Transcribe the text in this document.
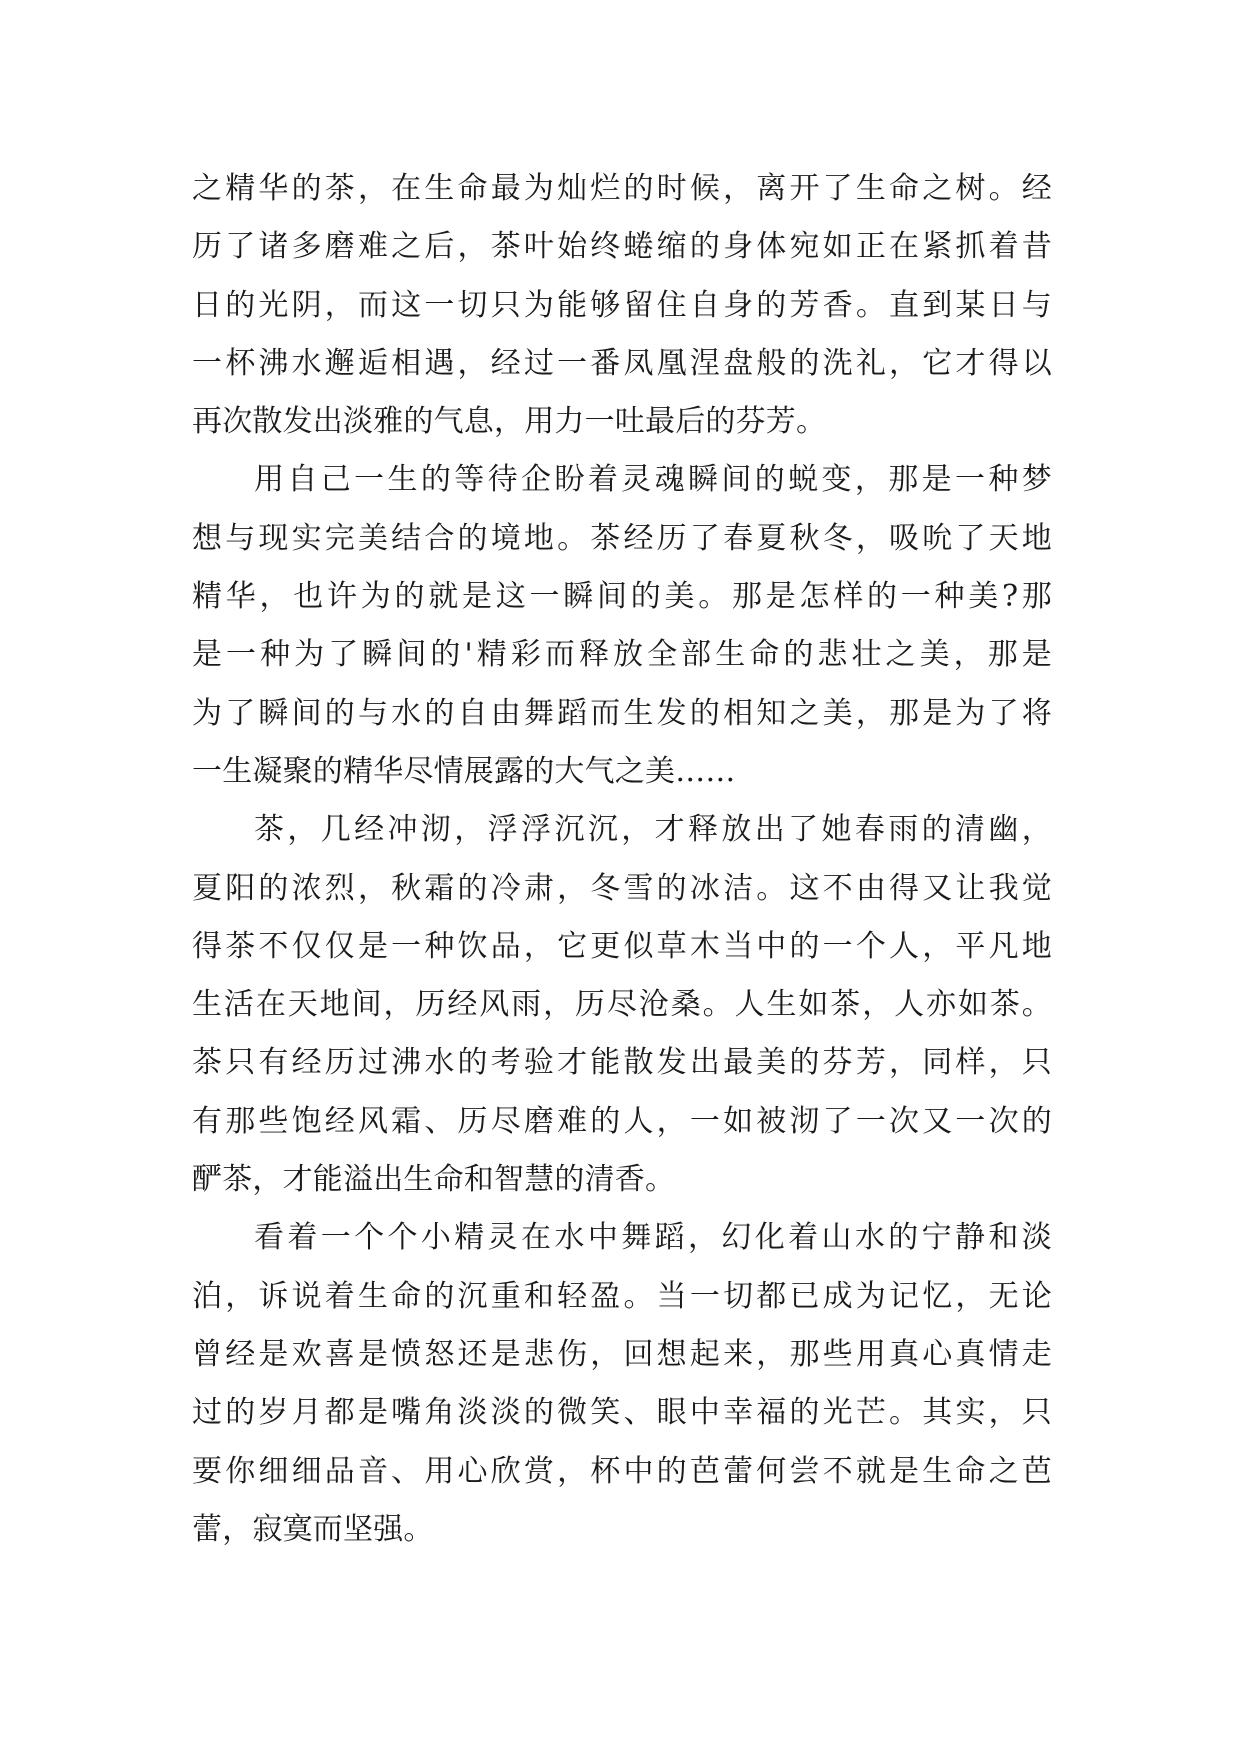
之精华的茶，在生命最为灿烂的时候，离开了生命之树。经
历了诸多磨难之后，茶叶始终蜷缩的身体宛如正在紧抓着昔
日的光阴，而这一切只为能够留住自身的芳香。直到某日与
一杯沸水邂逅相遇，经过一番凤凰涅盘般的洗礼，它才得以
再次散发出淡雅的气息，用力一吐最后的芬芳。
用自己一生的等待企盼着灵魂瞬间的蜕变，那是一种梦
想与现实完美结合的境地。茶经历了春夏秋冬，吸吮了天地
精华，也许为的就是这一瞬间的美。那是怎样的一种美?那
是一种为了瞬间的'精彩而释放全部生命的悲壮之美，那是
为了瞬间的与水的自由舞蹈而生发的相知之美，那是为了将
一生凝聚的精华尽情展露的大气之美……
茶，几经冲沏，浮浮沉沉，才释放出了她春雨的清幽，
夏阳的浓烈，秋霜的冷肃，冬雪的冰洁。这不由得又让我觉
得茶不仅仅是一种饮品，它更似草木当中的一个人，平凡地
生活在天地间，历经风雨，历尽沧桑。人生如茶，人亦如茶。
茶只有经历过沸水的考验才能散发出最美的芬芳，同样，只
有那些饱经风霜、历尽磨难的人，一如被沏了一次又一次的
酽茶，才能溢出生命和智慧的清香。
看着一个个小精灵在水中舞蹈，幻化着山水的宁静和淡
泊，诉说着生命的沉重和轻盈。当一切都已成为记忆，无论
曾经是欢喜是愤怒还是悲伤，回想起来，那些用真心真情走
过的岁月都是嘴角淡淡的微笑、眼中幸福的光芒。其实，只
要你细细品音、用心欣赏，杯中的芭蕾何尝不就是生命之芭
蕾，寂寞而坚强。
